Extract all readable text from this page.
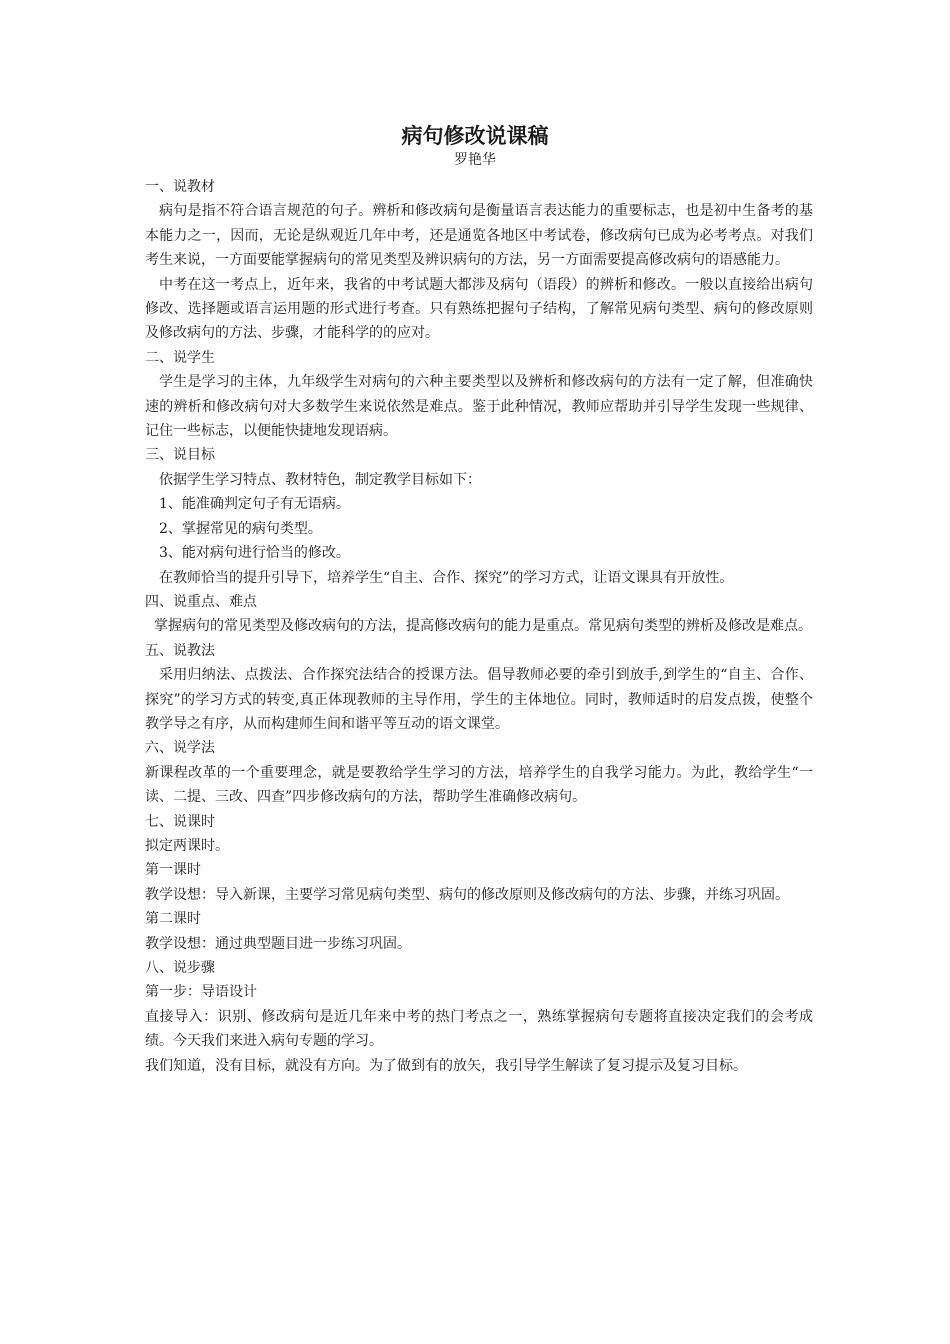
病句修改说课稿
罗艳华

一、说教材

病句是指不符合语言规范的句子。辨析和修改病句是衡量语言表达能力的重要标志，也是初中生备考的基本能力之一，因而，无论是纵观近几年中考，还是通览各地区中考试卷，修改病句已成为必考考点。对我们考生来说，一方面要能掌握病句的常见类型及辨识病句的方法，另一方面需要提高修改病句的语感能力。

中考在这一考点上，近年来，我省的中考试题大都涉及病句（语段）的辨析和修改。一般以直接给出病句修改、选择题或语言运用题的形式进行考查。只有熟练把握句子结构，了解常见病句类型、病句的修改原则及修改病句的方法、步骤，才能科学的的应对。

二、说学生

学生是学习的主体，九年级学生对病句的六种主要类型以及辨析和修改病句的方法有一定了解，但准确快速的辨析和修改病句对大多数学生来说依然是难点。鉴于此种情况，教师应帮助并引导学生发现一些规律、记住一些标志，以便能快捷地发现语病。

三、说目标

依据学生学习特点、教材特色，制定教学目标如下：

1、能准确判定句子有无语病。

2、掌握常见的病句类型。

3、能对病句进行恰当的修改。

在教师恰当的提升引导下，培养学生“自主、合作、探究”的学习方式，让语文课具有开放性。

四、说重点、难点

掌握病句的常见类型及修改病句的方法，提高修改病句的能力是重点。常见病句类型的辨析及修改是难点。

五、说教法

采用归纳法、点拨法、合作探究法结合的授课方法。倡导教师必要的牵引到放手,到学生的“自主、合作、探究”的学习方式的转变,真正体现教师的主导作用，学生的主体地位。同时，教师适时的启发点拨，使整个教学导之有序，从而构建师生间和谐平等互动的语文课堂。

六、说学法

新课程改革的一个重要理念，就是要教给学生学习的方法，培养学生的自我学习能力。为此，教给学生“一读、二提、三改、四查”四步修改病句的方法，帮助学生准确修改病句。

七、说课时

拟定两课时。

第一课时

教学设想：导入新课，主要学习常见病句类型、病句的修改原则及修改病句的方法、步骤，并练习巩固。

第二课时

教学设想：通过典型题目进一步练习巩固。

八、说步骤

第一步：导语设计

直接导入：识别、修改病句是近几年来中考的热门考点之一，熟练掌握病句专题将直接决定我们的会考成绩。今天我们来进入病句专题的学习。

我们知道，没有目标，就没有方向。为了做到有的放矢，我引导学生解读了复习提示及复习目标。
